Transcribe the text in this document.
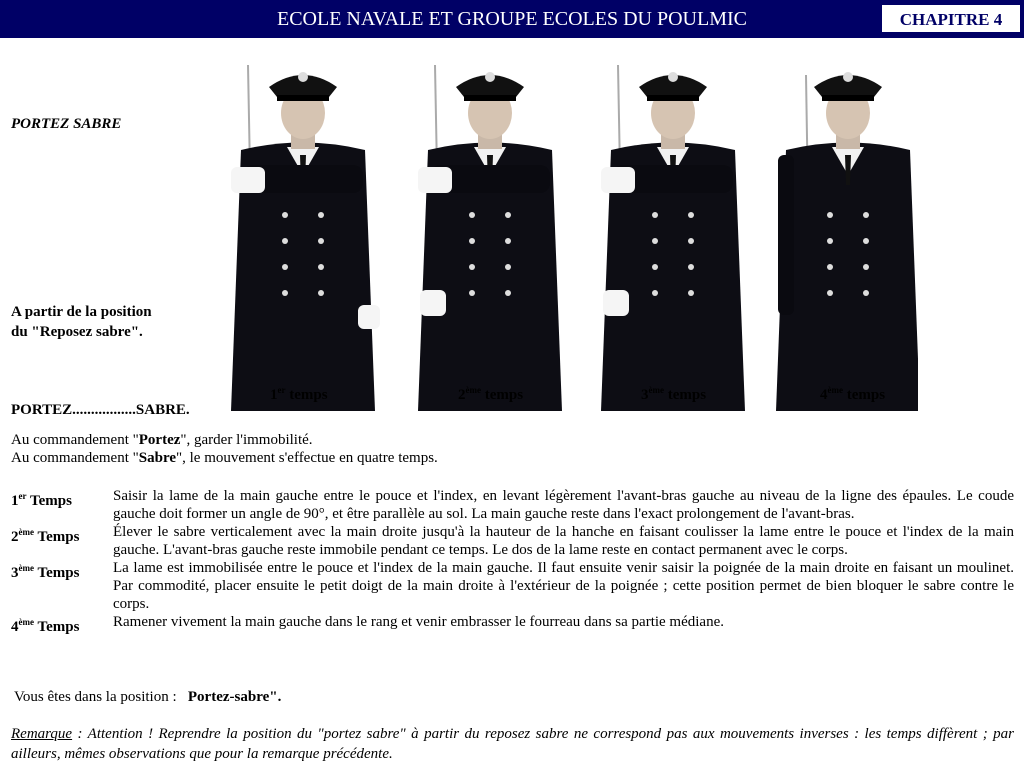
ECOLE NAVALE ET GROUPE ECOLES DU POULMIC	CHAPITRE 4
PORTEZ SABRE
A partir de la position
du "Reposez sabre".
PORTEZ.................SABRE.
1er temps	2ème temps	3ème temps	4ème temps
Au commandement "Portez", garder l'immobilité.
Au commandement "Sabre", le mouvement s'effectue en quatre temps.
1er Temps	Saisir la lame de la main gauche entre le pouce et l'index, en levant légèrement l'avant-bras gauche au niveau de la ligne des épaules. Le coude gauche doit former un angle de 90°, et être parallèle au sol. La main gauche reste dans l'exact prolongement de l'avant-bras.
2ème Temps	Élever le sabre verticalement avec la main droite jusqu'à la hauteur de la hanche en faisant coulisser la lame entre le pouce et l'index de la main gauche. L'avant-bras gauche reste immobile pendant ce temps. Le dos de la lame reste en contact permanent avec le corps.
3ème Temps	La lame est immobilisée entre le pouce et l'index de la main gauche. Il faut ensuite venir saisir la poignée de la main droite en faisant un moulinet. Par commodité, placer ensuite le petit doigt de la main droite à l'extérieur de la poignée ; cette position permet de bien bloquer le sabre contre le corps.
4ème Temps	Ramener vivement la main gauche dans le rang et venir embrasser le fourreau dans sa partie médiane.
Vous êtes dans la position :   Portez-sabre".
Remarque : Attention ! Reprendre la position du "portez sabre" à partir du reposez sabre ne correspond pas aux mouvements inverses : les temps diffèrent ; par ailleurs, mêmes observations que pour la remarque précédente.
